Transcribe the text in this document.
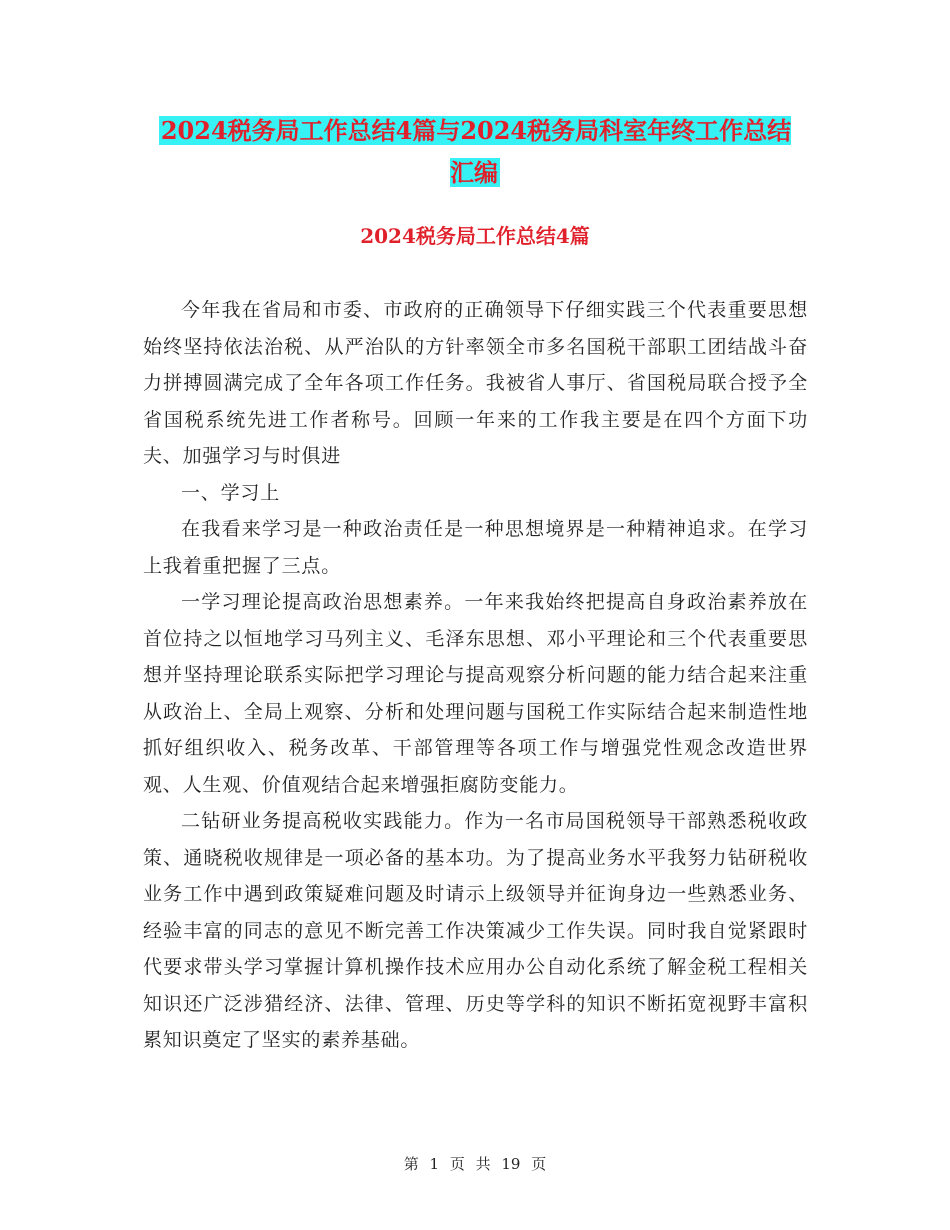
2024税务局工作总结4篇与2024税务局科室年终工作总结汇编
2024税务局工作总结4篇

今年我在省局和市委、市政府的正确领导下仔细实践三个代表重要思想始终坚持依法治税、从严治队的方针率领全市多名国税干部职工团结战斗奋力拼搏圆满完成了全年各项工作任务。我被省人事厅、省国税局联合授予全省国税系统先进工作者称号。回顾一年来的工作我主要是在四个方面下功夫、加强学习与时俱进

一、学习上

在我看来学习是一种政治责任是一种思想境界是一种精神追求。在学习上我着重把握了三点。

一学习理论提高政治思想素养。一年来我始终把提高自身政治素养放在首位持之以恒地学习马列主义、毛泽东思想、邓小平理论和三个代表重要思想并坚持理论联系实际把学习理论与提高观察分析问题的能力结合起来注重从政治上、全局上观察、分析和处理问题与国税工作实际结合起来制造性地抓好组织收入、税务改革、干部管理等各项工作与增强党性观念改造世界观、人生观、价值观结合起来增强拒腐防变能力。

二钻研业务提高税收实践能力。作为一名市局国税领导干部熟悉税收政策、通晓税收规律是一项必备的基本功。为了提高业务水平我努力钻研税收业务工作中遇到政策疑难问题及时请示上级领导并征询身边一些熟悉业务、经验丰富的同志的意见不断完善工作决策减少工作失误。同时我自觉紧跟时代要求带头学习掌握计算机操作技术应用办公自动化系统了解金税工程相关知识还广泛涉猎经济、法律、管理、历史等学科的知识不断拓宽视野丰富积累知识奠定了坚实的素养基础。

第 1 页 共 19 页
